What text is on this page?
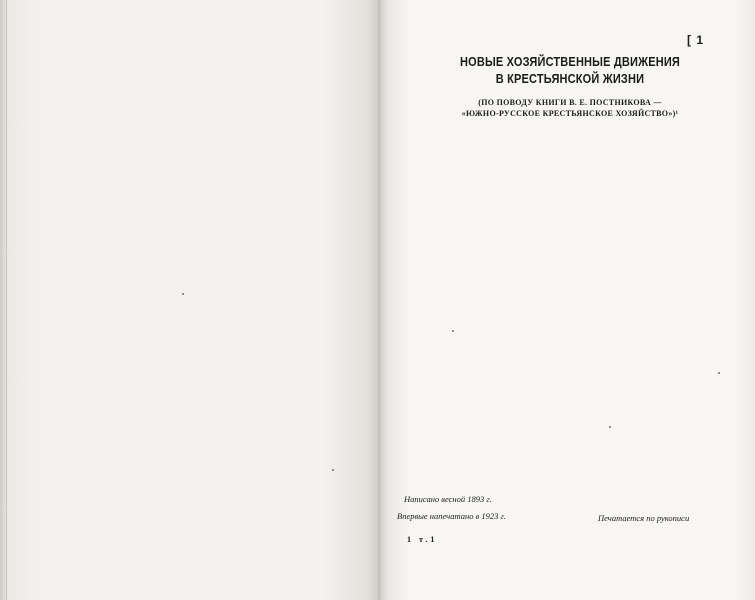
[ 1
НОВЫЕ ХОЗЯЙСТВЕННЫЕ ДВИЖЕНИЯ
В КРЕСТЬЯНСКОЙ ЖИЗНИ
(ПО ПОВОДУ КНИГИ В. Е. ПОСТНИКОВА —
«ЮЖНО-РУССКОЕ КРЕСТЬЯНСКОЕ ХОЗЯЙСТВО»)¹
Написано весной 1893 г.
Впервые напечатано в 1923 г.	Печатается по рукописи
1 т.1
